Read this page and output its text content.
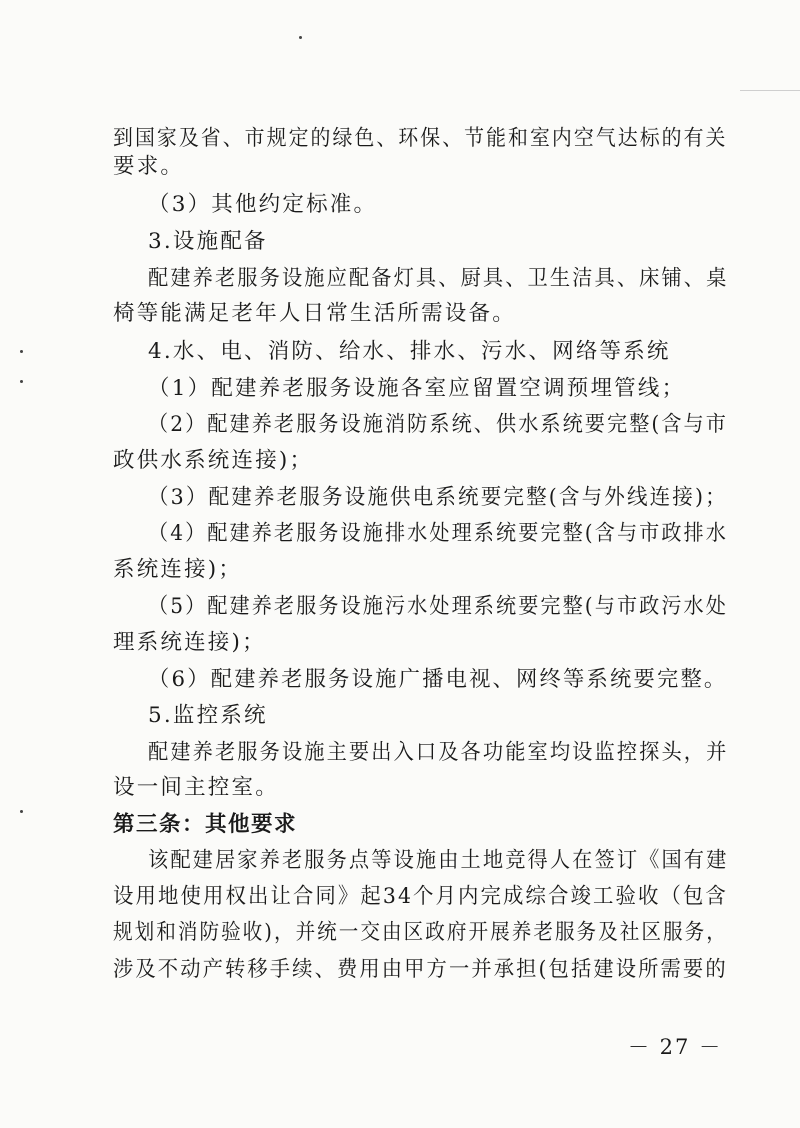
到国家及省、市规定的绿色、环保、节能和室内空气达标的有关
要求。
（3）其他约定标准。
3.设施配备
配建养老服务设施应配备灯具、厨具、卫生洁具、床铺、桌
椅等能满足老年人日常生活所需设备。
4.水、电、消防、给水、排水、污水、网络等系统
（1）配建养老服务设施各室应留置空调预埋管线；
（2）配建养老服务设施消防系统、供水系统要完整(含与市
政供水系统连接)；
（3）配建养老服务设施供电系统要完整(含与外线连接)；
（4）配建养老服务设施排水处理系统要完整(含与市政排水
系统连接)；
（5）配建养老服务设施污水处理系统要完整(与市政污水处
理系统连接)；
（6）配建养老服务设施广播电视、网终等系统要完整。
5.监控系统
配建养老服务设施主要出入口及各功能室均设监控探头，并
设一间主控室。
第三条：其他要求
该配建居家养老服务点等设施由土地竞得人在签订《国有建
设用地使用权出让合同》起34个月内完成综合竣工验收（包含
规划和消防验收)，并统一交由区政府开展养老服务及社区服务，
涉及不动产转移手续、费用由甲方一并承担(包括建设所需要的
－ 27 －
